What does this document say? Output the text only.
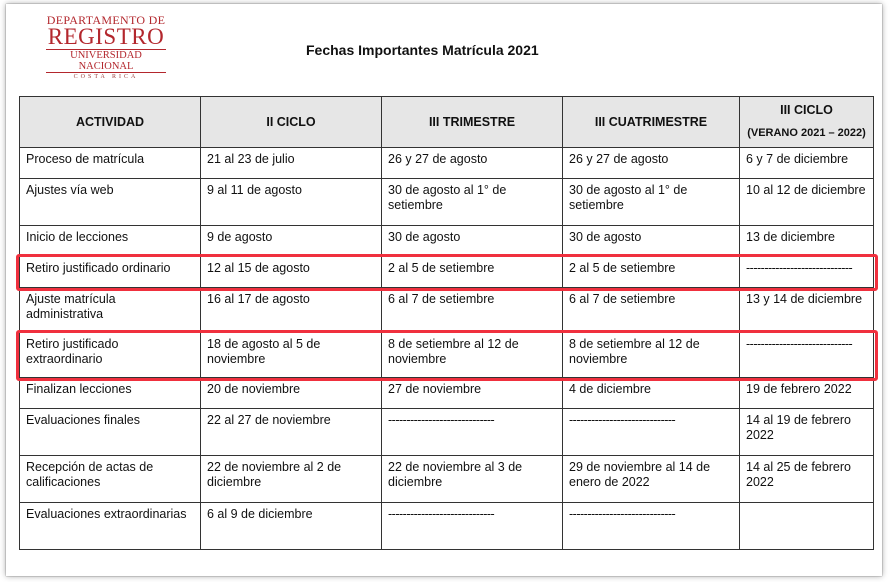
DEPARTAMENTO DE
REGISTRO
UNIVERSIDAD NACIONAL
COSTA RICA
Fechas Importantes Matrícula 2021
ACTIVIDAD	II CICLO	III TRIMESTRE	III CUATRIMESTRE	III CICLO
(VERANO 2021 – 2022)

Proceso de matrícula	21 al 23 de julio	26 y 27 de agosto	26 y 27 de agosto	6 y 7 de diciembre
Ajustes vía web	9 al 11 de agosto	30 de agosto al 1° de setiembre	30 de agosto al 1° de setiembre	10 al 12 de diciembre
Inicio de lecciones	9 de agosto	30 de agosto	30 de agosto	13 de diciembre
Retiro justificado ordinario	12 al 15 de agosto	2 al 5 de setiembre	2 al 5 de setiembre	-----------------------------
Ajuste matrícula administrativa	16 al 17 de agosto	6 al 7 de setiembre	6 al 7 de setiembre	13 y 14 de diciembre
Retiro justificado extraordinario	18 de agosto al 5 de noviembre	8 de setiembre al 12 de noviembre	8 de setiembre al 12 de noviembre	-----------------------------
Finalizan lecciones	20 de noviembre	27 de noviembre	4 de diciembre	19 de febrero 2022
Evaluaciones finales	22 al 27 de noviembre	-----------------------------	-----------------------------	14 al 19 de febrero 2022
Recepción de actas de calificaciones	22 de noviembre al 2 de diciembre	22 de noviembre al 3 de diciembre	29 de noviembre al 14 de enero de 2022	14 al 25 de febrero 2022
Evaluaciones extraordinarias	6 al 9 de diciembre	-----------------------------	-----------------------------	
